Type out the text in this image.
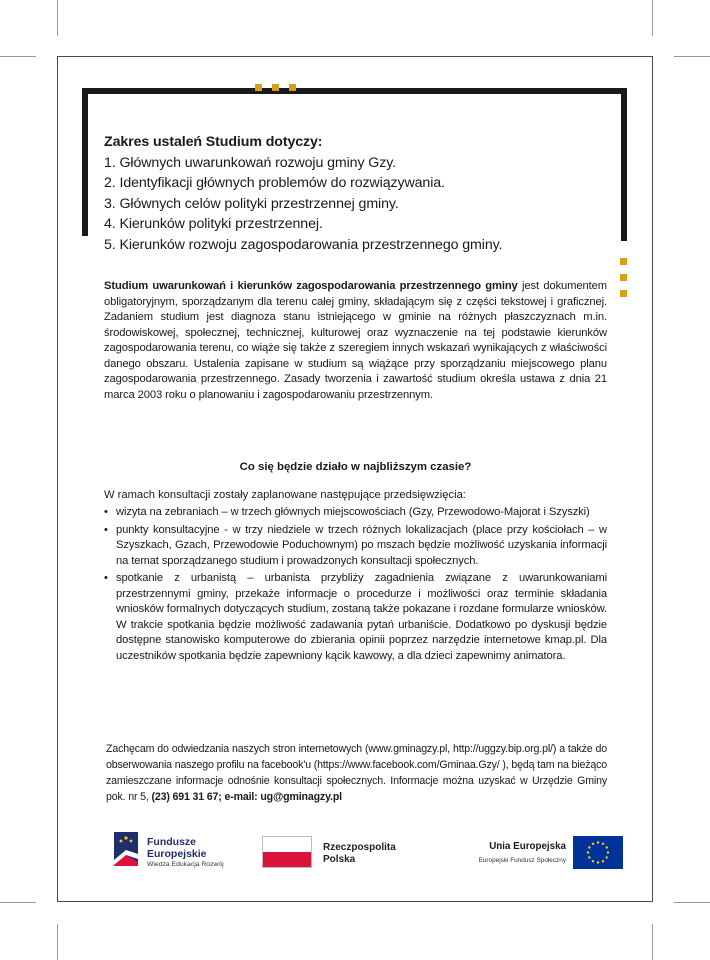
Zakres ustaleń Studium dotyczy:
1. Głównych uwarunkowań rozwoju gminy Gzy.
2. Identyfikacji głównych problemów do rozwiązywania.
3. Głównych celów polityki przestrzennej gminy.
4. Kierunków polityki przestrzennej.
5. Kierunków rozwoju zagospodarowania przestrzennego gminy.

Studium uwarunkowań i kierunków zagospodarowania przestrzennego gminy jest dokumentem obligatoryjnym, sporządzanym dla terenu całej gminy, składającym się z części tekstowej i graficznej. Zadaniem studium jest diagnoza stanu istniejącego w gminie na różnych płaszczyznach m.in. środowiskowej, społecznej, technicznej, kulturowej oraz wyznaczenie na tej podstawie kierunków zagospodarowania terenu, co wiąże się także z szeregiem innych wskazań wynikających z właściwości danego obszaru. Ustalenia zapisane w studium są wiążące przy sporządzaniu miejscowego planu zagospodarowania przestrzennego. Zasady tworzenia i zawartość studium określa ustawa z dnia 21 marca 2003 roku o planowaniu i zagospodarowaniu przestrzennym.

Co się będzie działo w najbliższym czasie?
W ramach konsultacji zostały zaplanowane następujące przedsięwzięcia:
• wizyta na zebraniach – w trzech głównych miejscowościach (Gzy, Przewodowo-Majorat i Szyszki)
• punkty konsultacyjne - w trzy niedziele w trzech różnych lokalizacjach (place przy kościołach – w Szyszkach, Gzach, Przewodowie Poduchownym) po mszach będzie możliwość uzyskania informacji na temat sporządzanego studium i prowadzonych konsultacji społecznych.
• spotkanie z urbanistą – urbanista przybliży zagadnienia związane z uwarunkowaniami przestrzennymi gminy, przekaże informacje o procedurze i możliwości oraz terminie składania wniosków formalnych dotyczących studium, zostaną także pokazane i rozdane formularze wniosków. W trakcie spotkania będzie możliwość zadawania pytań urbaniście. Dodatkowo po dyskusji będzie dostępne stanowisko komputerowe do zbierania opinii poprzez narzędzie internetowe kmap.pl. Dla uczestników spotkania będzie zapewniony kącik kawowy, a dla dzieci zapewnimy animatora.

Zachęcam do odwiedzania naszych stron internetowych (www.gminagzy.pl, http://uggzy.bip.org.pl/) a także do obserwowania naszego profilu na facebook'u (https://www.facebook.com/Gminaa.Gzy/ ), będą tam na bieżąco zamieszczane informacje odnośnie konsultacji społecznych. Informacje można uzyskać w Urzędzie Gminy pok. nr 5, (23) 691 31 67; e-mail: ug@gminagzy.pl

Fundusze
Europejskie
Wiedza Edukacja Rozwój
Rzeczpospolita
Polska
Unia Europejska
Europejski Fundusz Społeczny
